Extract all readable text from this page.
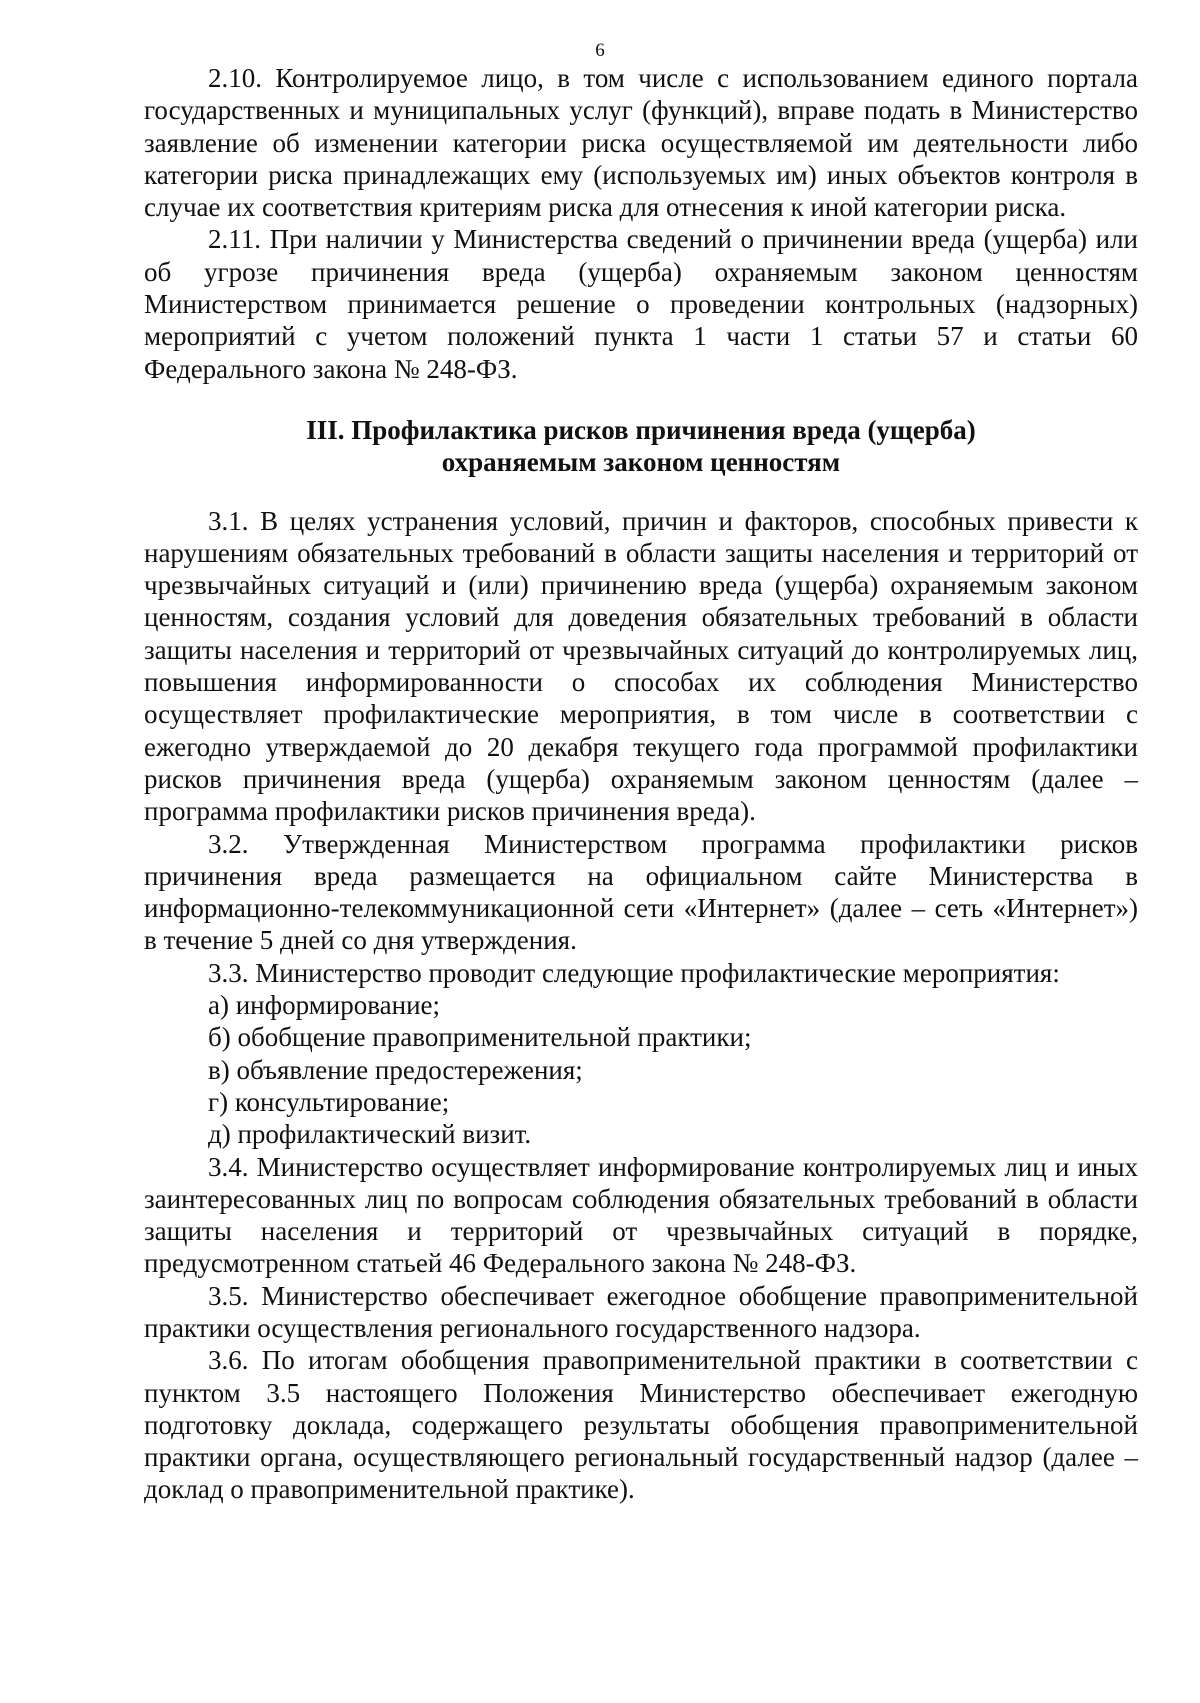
6

2.10. Контролируемое лицо, в том числе с использованием единого портала государственных и муниципальных услуг (функций), вправе подать в Министерство заявление об изменении категории риска осуществляемой им деятельности либо категории риска принадлежащих ему (используемых им) иных объектов контроля в случае их соответствия критериям риска для отнесения к иной категории риска.

2.11. При наличии у Министерства сведений о причинении вреда (ущерба) или об угрозе причинения вреда (ущерба) охраняемым законом ценностям Министерством принимается решение о проведении контрольных (надзорных) мероприятий с учетом положений пункта 1 части 1 статьи 57 и статьи 60 Федерального закона № 248-ФЗ.

III. Профилактика рисков причинения вреда (ущерба)
охраняемым законом ценностям

3.1. В целях устранения условий, причин и факторов, способных привести к нарушениям обязательных требований в области защиты населения и территорий от чрезвычайных ситуаций и (или) причинению вреда (ущерба) охраняемым законом ценностям, создания условий для доведения обязательных требований в области защиты населения и территорий от чрезвычайных ситуаций до контролируемых лиц, повышения информированности о способах их соблюдения Министерство осуществляет профилактические мероприятия, в том числе в соответствии с ежегодно утверждаемой до 20 декабря текущего года программой профилактики рисков причинения вреда (ущерба) охраняемым законом ценностям (далее – программа профилактики рисков причинения вреда).

3.2. Утвержденная Министерством программа профилактики рисков причинения вреда размещается на официальном сайте Министерства в информационно-телекоммуникационной сети «Интернет» (далее – сеть «Интернет») в течение 5 дней со дня утверждения.

3.3. Министерство проводит следующие профилактические мероприятия:

а) информирование;

б) обобщение правоприменительной практики;

в) объявление предостережения;

г) консультирование;

д) профилактический визит.

3.4. Министерство осуществляет информирование контролируемых лиц и иных заинтересованных лиц по вопросам соблюдения обязательных требований в области защиты населения и территорий от чрезвычайных ситуаций в порядке, предусмотренном статьей 46 Федерального закона № 248-ФЗ.

3.5. Министерство обеспечивает ежегодное обобщение правоприменительной практики осуществления регионального государственного надзора.

3.6. По итогам обобщения правоприменительной практики в соответствии с пунктом 3.5 настоящего Положения Министерство обеспечивает ежегодную подготовку доклада, содержащего результаты обобщения правоприменительной практики органа, осуществляющего региональный государственный надзор (далее – доклад о правоприменительной практике).
